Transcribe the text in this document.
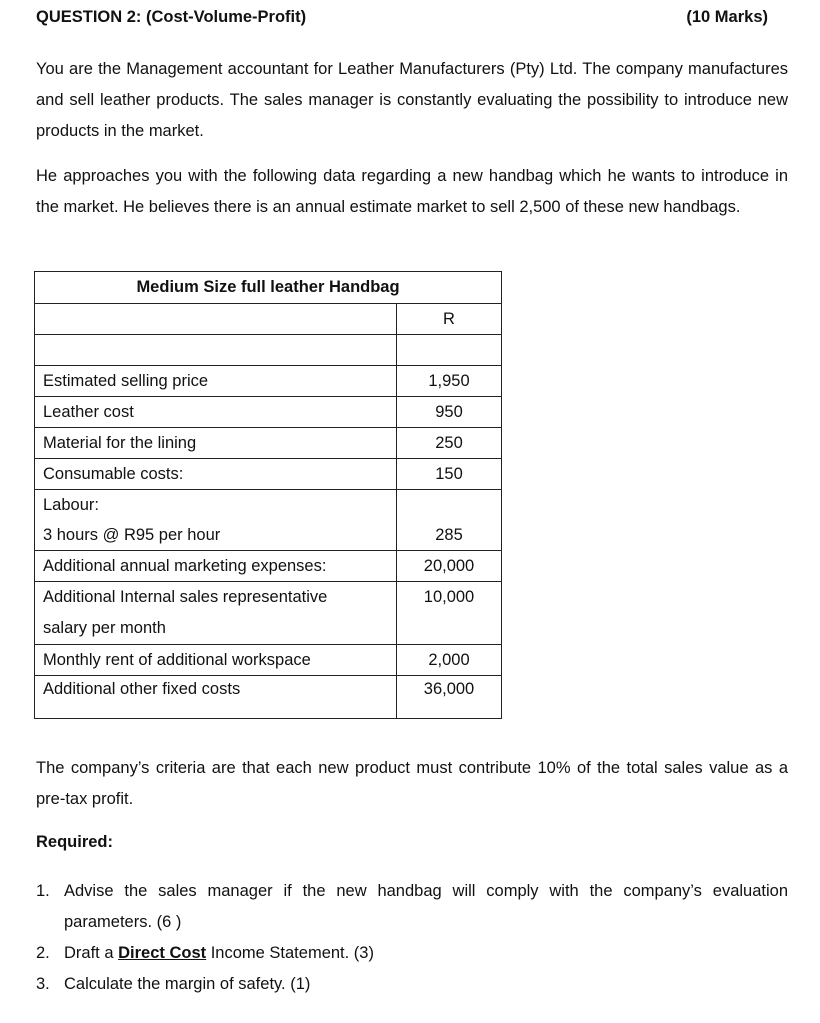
QUESTION 2: (Cost-Volume-Profit)	(10 Marks)

You are the Management accountant for Leather Manufacturers (Pty) Ltd. The company manufactures and sell leather products. The sales manager is constantly evaluating the possibility to introduce new products in the market.

He approaches you with the following data regarding a new handbag which he wants to introduce in the market. He believes there is an annual estimate market to sell 2,500 of these new handbags.

Medium Size full leather Handbag	
	R

Estimated selling price	1,950
Leather cost	950
Material for the lining	250
Consumable costs:	150
Labour:	
3 hours @ R95 per hour	285
Additional annual marketing expenses:	20,000

Additional Internal sales representative
salary per month	10,000
Monthly rent of additional workspace	2,000
Additional other fixed costs	36,000

The company’s criteria are that each new product must contribute 10% of the total sales value as a pre-tax profit.

Required:
1. Advise the sales manager if the new handbag will comply with the company’s evaluation parameters. (6 )
2. Draft a Direct Cost Income Statement. (3)
3. Calculate the margin of safety. (1)
